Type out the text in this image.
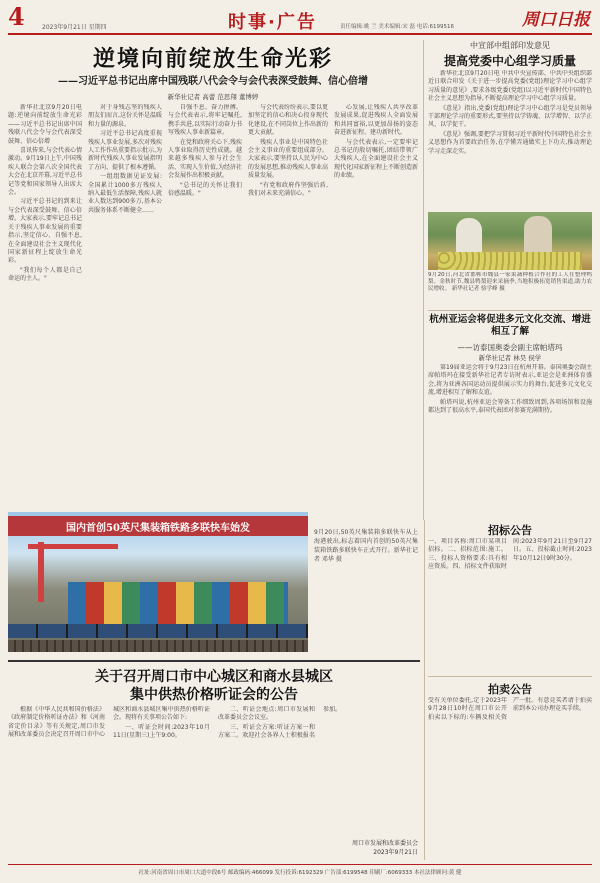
4	2023年9月21日 星期四	时事·广告	责任编辑:姚 兰 美术编辑:宋 磊 电话:6199516	周口日报
逆境向前绽放生命光彩
——习近平总书记出席中国残联八代会令与会代表深受鼓舞、信心倍增
新华社记者 高蕾 范思翔 董博婷

新华社北京9月20日电 题:逆境向前绽放生命光彩——习近平总书记出席中国残联八代会令与会代表深受鼓舞、信心倍增

喜讯传来,与会代表心情激动。9月19日上午,中国残疾人联合会第八次全国代表大会在北京开幕,习近平总书记等党和国家领导人出席大会。

习近平总书记的到来让与会代表深受鼓舞、信心倍增。大家表示,要牢记总书记关于残疾人事业发展的重要指示,坚定信心、自强不息,在全面建设社会主义现代化国家新征程上绽放生命光彩。

"我们每个人都是自己命运的主人。"

对于身残志坚的残疾人朋友们而言,这份关怀是温暖和力量的源泉。

习近平总书记高度重视残疾人事业发展,多次对残疾人工作作出重要指示批示,为新时代残疾人事业发展指明了方向、提供了根本遵循。

一组组数据见证发展:全国累计1000多万残疾人纳入最低生活保障,残疾人就业人数达到900多万,基本公共服务体系不断健全……

自强不息、奋力拼搏。与会代表表示,将牢记嘱托,携手共进,以实际行动奋力书写残疾人事业新篇章。

在党和政府关心下,残疾人事业取得历史性成就。越来越多残疾人参与社会生活、实现人生价值,为经济社会发展作出积极贡献。

"总书记的关怀让我们倍感温暖。"

与会代表纷纷表示,要以更加坚定的信心和决心投身现代化建设,在不同岗位上作出新的更大贡献。

残疾人事业是中国特色社会主义事业的重要组成部分。大家表示,要坚持以人民为中心的发展思想,推动残疾人事业高质量发展。

"有党和政府作坚强后盾,我们对未来充满信心。"

心发展,让残疾人共享改革发展成果,促进残疾人全面发展和共同富裕,以更加昂扬的姿态奋进新征程、建功新时代。

与会代表表示,一定要牢记总书记的殷切嘱托,团结带领广大残疾人,在全面建设社会主义现代化国家新征程上不断创造新的业绩。

中宣部中组部印发意见
提高党委中心组学习质量

新华社北京9月20日电 中共中央宣传部、中共中央组织部近日联合印发《关于进一步提高党委(党组)理论学习中心组学习质量的意见》,要求各级党委(党组)以习近平新时代中国特色社会主义思想为指导,不断提高理论学习中心组学习质量。

《意见》指出,党委(党组)理论学习中心组学习是党员领导干部理论学习的重要形式,要坚持以学铸魂、以学增智、以学正风、以学促干。

《意见》强调,要把学习贯彻习近平新时代中国特色社会主义思想作为首要政治任务,在学懂弄通做实上下功夫,推动理论学习走深走实。

9月20日,河北省邯郸市魏县一家果蔬种植合作社的工人在整理鸭梨。金秋时节,魏县鸭梨迎来采摘季,当地积极拓宽销售渠道,助力农民增收。 新华社记者 骆学峰 摄
杭州亚运会将促进多元文化交流、增进相互了解
——访泰国奥委会副主席帕塔玛
新华社记者 林昊 侯学

第19届亚运会将于9月23日在杭州开幕。泰国奥委会副主席帕塔玛在接受新华社记者专访时表示,亚运会是亚洲体育盛会,将为亚洲各国运动员提供展示实力的舞台,促进多元文化交流,增进相互了解和友谊。

帕塔玛说,杭州亚运会筹备工作细致周到,各项场馆和设施都达到了很高水平,泰国代表团对参赛充满期待。

国内首创50英尺集装箱铁路多联快车始发	9月20日,50英尺集装箱多联快车从上海港驶出,标志着国内首创的50英尺集装箱铁路多联快车正式开行。新华社记者 邓华 摄
关于召开周口市中心城区和商水县城区
集中供热价格听证会的公告

根据《中华人民共和国价格法》《政府制定价格听证办法》和《河南省定价目录》等有关规定,周口市发展和改革委员会决定召开周口市中心城区和商水县城区集中供热价格听证会。现将有关事项公告如下:

一、听证会时间:2023年10月11日(星期三)上午9:00。

二、听证会地点:周口市发展和改革委员会会议室。

三、听证会方案:听证方案一和方案二。欢迎社会各界人士积极报名参加。

周口市发展和改革委员会
2023年9月21日
招标公告
一、项目名称:周口市某项目招标。二、招标范围:施工。三、投标人资格要求:具有相应资质。四、招标文件获取时间:2023年9月21日至9月27日。五、投标截止时间:2023年10月12日9时30分。
拍卖公告
受有关单位委托,定于2023年9月28日10时在周口市公开拍卖以下标的:车辆及相关资产一批。有意竞买者请于拍卖前到本公司办理竞买手续。
社址:河南省周口市周口大道中段6号 邮政编码:466099 发行投诉:6192329 广告部:6199548 印刷厂:6069333 本社法律顾问:黄 健
